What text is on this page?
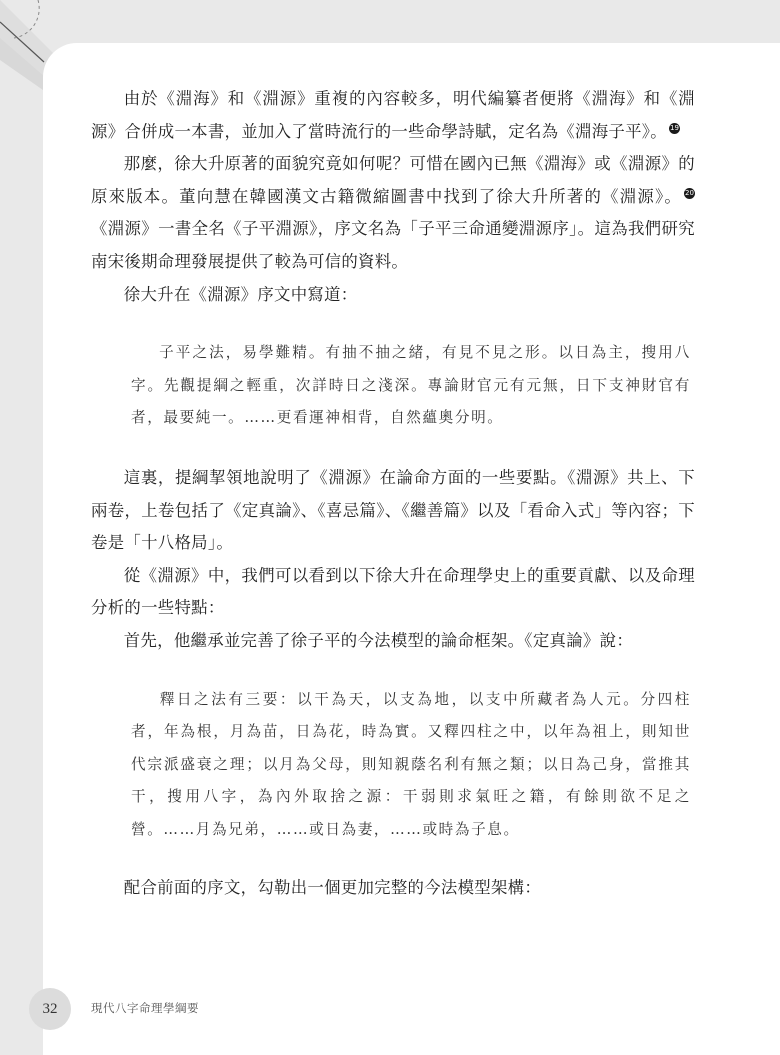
由於《淵海》和《淵源》重複的內容較多，明代編纂者便將《淵海》和《淵源》合併成一本書，並加入了當時流行的一些命學詩賦，定名為《淵海子平》。 19

那麼，徐大升原著的面貌究竟如何呢？可惜在國內已無《淵海》或《淵源》的原來版本。董向慧在韓國漢文古籍微縮圖書中找到了徐大升所著的《淵源》。 20《淵源》一書全名《子平淵源》，序文名為「子平三命通變淵源序」。這為我們研究南宋後期命理發展提供了較為可信的資料。

徐大升在《淵源》序文中寫道：

子平之法，易學難精。有抽不抽之緒，有見不見之形。以日為主，搜用八字。先觀提綱之輕重，次詳時日之淺深。專論財官元有元無，日下支神財官有者，最要純一。……更看運神相背，自然蘊奧分明。

這裏，提綱挈領地說明了《淵源》在論命方面的一些要點。《淵源》共上、下兩卷，上卷包括了《定真論》、《喜忌篇》、《繼善篇》以及「看命入式」等內容；下卷是「十八格局」。

從《淵源》中，我們可以看到以下徐大升在命理學史上的重要貢獻、以及命理分析的一些特點：

首先，他繼承並完善了徐子平的今法模型的論命框架。《定真論》說：

釋日之法有三要：以干為天，以支為地，以支中所藏者為人元。分四柱者，年為根，月為苗，日為花，時為實。又釋四柱之中，以年為祖上，則知世代宗派盛衰之理；以月為父母，則知親蔭名利有無之類；以日為己身，當推其干，搜用八字，為內外取捨之源：干弱則求氣旺之籍，有餘則欲不足之營。……月為兄弟，……或日為妻，……或時為子息。

配合前面的序文，勾勒出一個更加完整的今法模型架構：

32	現代八字命理學綱要
